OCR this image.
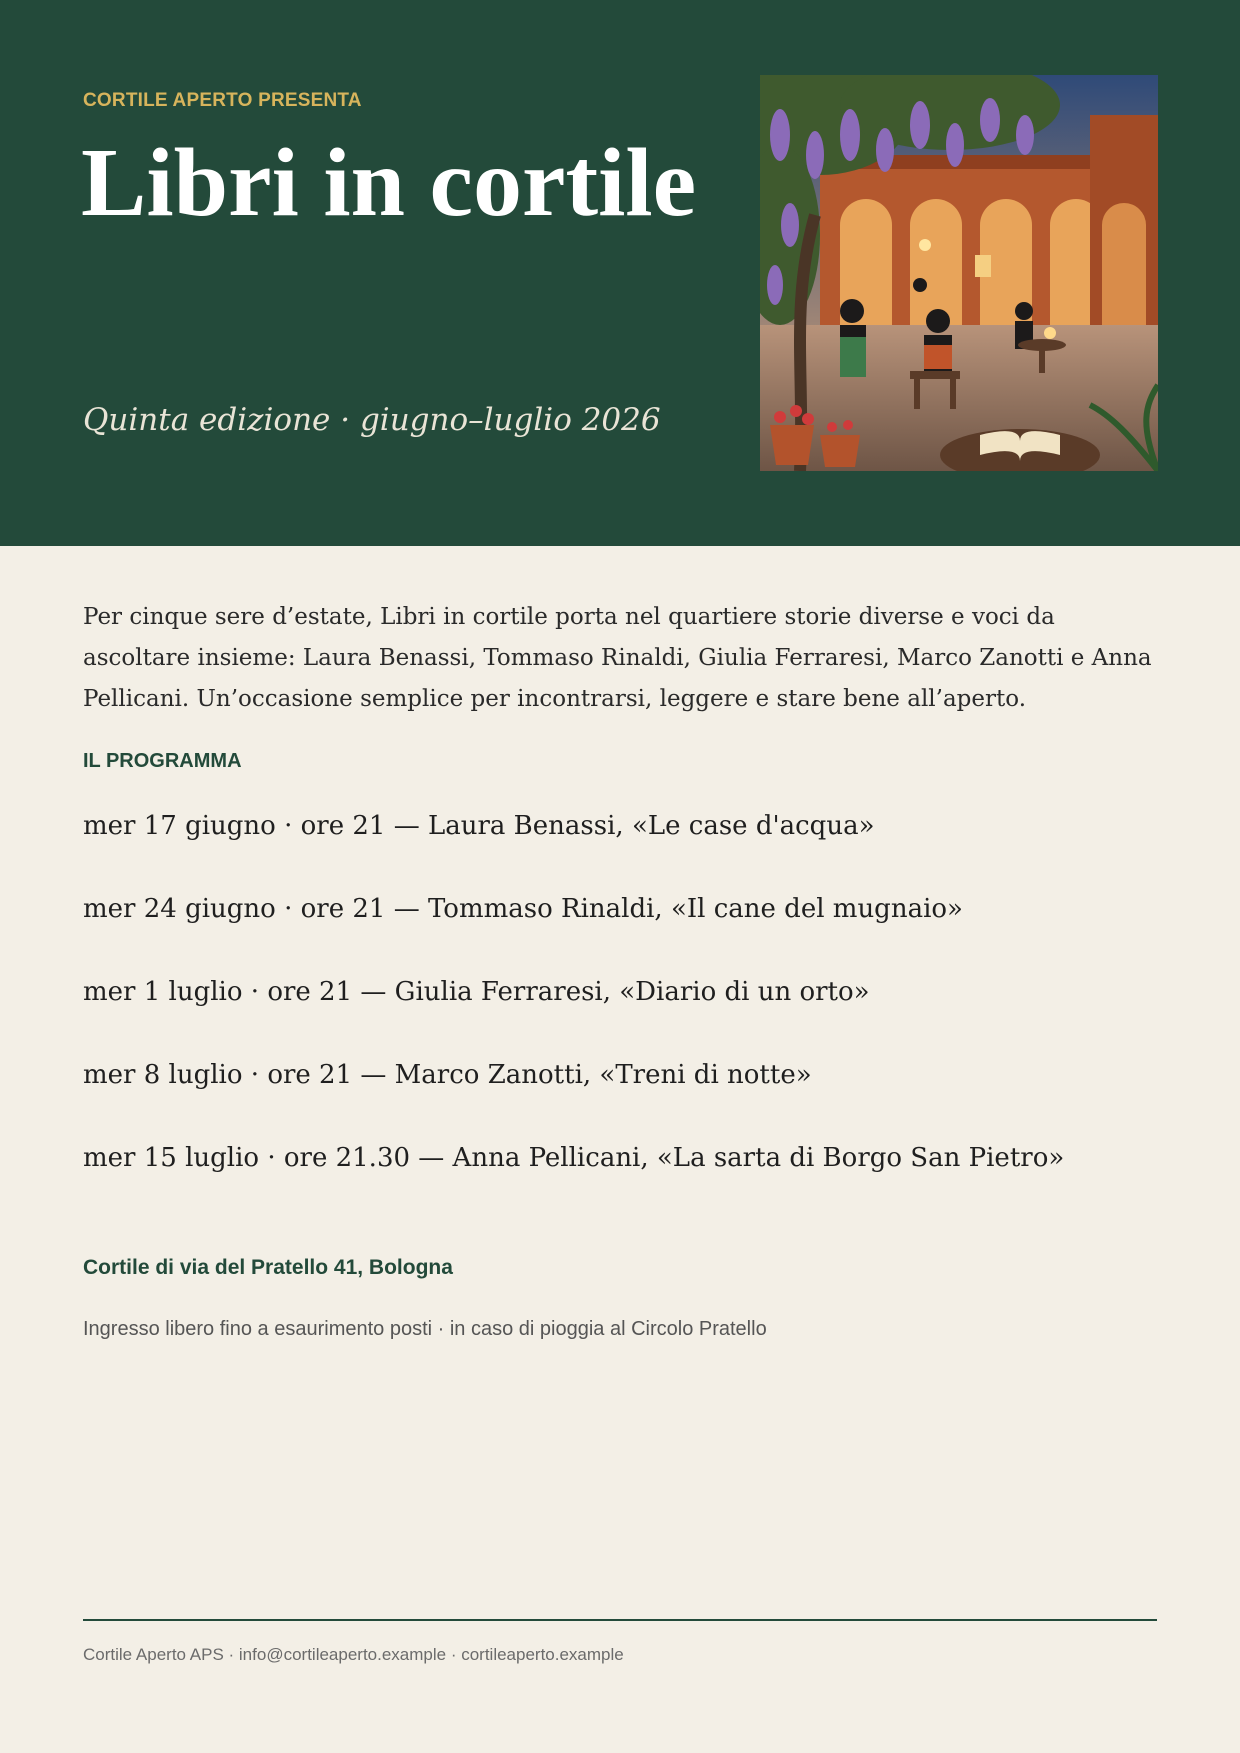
CORTILE APERTO PRESENTA
Libri in cortile
Quinta edizione · giugno–luglio 2026
Per cinque sere d’estate, Libri in cortile porta nel quartiere storie diverse e voci da ascoltare insieme: Laura Benassi, Tommaso Rinaldi, Giulia Ferraresi, Marco Zanotti e Anna Pellicani. Un’occasione semplice per incontrarsi, leggere e stare bene all’aperto.
IL PROGRAMMA
mer 17 giugno · ore 21 — Laura Benassi, «Le case d'acqua»
mer 24 giugno · ore 21 — Tommaso Rinaldi, «Il cane del mugnaio»
mer 1 luglio · ore 21 — Giulia Ferraresi, «Diario di un orto»
mer 8 luglio · ore 21 — Marco Zanotti, «Treni di notte»
mer 15 luglio · ore 21.30 — Anna Pellicani, «La sarta di Borgo San Pietro»
Cortile di via del Pratello 41, Bologna
Ingresso libero fino a esaurimento posti · in caso di pioggia al Circolo Pratello
Cortile Aperto APS · info@cortileaperto.example · cortileaperto.example
